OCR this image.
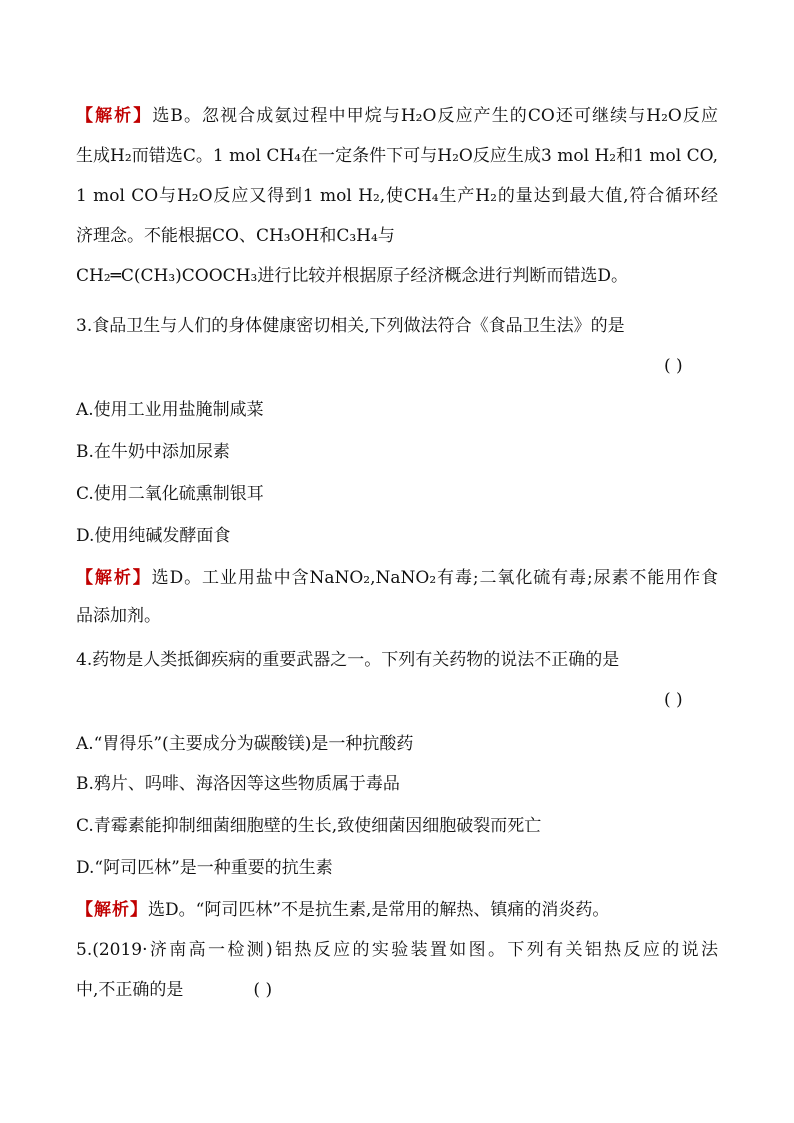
【解析】选B。忽视合成氨过程中甲烷与H₂O反应产生的CO还可继续与H₂O反应
生成H₂而错选C。1 mol CH₄在一定条件下可与H₂O反应生成3 mol H₂和1 mol CO,
1 mol CO与H₂O反应又得到1 mol H₂,使CH₄生产H₂的量达到最大值,符合循环经
济理念。不能根据CO、CH₃OH和C₃H₄与
CH₂═C(CH₃)COOCH₃进行比较并根据原子经济概念进行判断而错选D。
3.食品卫生与人们的身体健康密切相关,下列做法符合《食品卫生法》的是
( )
A.使用工业用盐腌制咸菜
B.在牛奶中添加尿素
C.使用二氧化硫熏制银耳
D.使用纯碱发酵面食
【解析】选D。工业用盐中含NaNO₂,NaNO₂有毒;二氧化硫有毒;尿素不能用作食
品添加剂。
4.药物是人类抵御疾病的重要武器之一。下列有关药物的说法不正确的是
( )
A.“胃得乐”(主要成分为碳酸镁)是一种抗酸药
B.鸦片、吗啡、海洛因等这些物质属于毒品
C.青霉素能抑制细菌细胞壁的生长,致使细菌因细胞破裂而死亡
D.“阿司匹林”是一种重要的抗生素
【解析】选D。“阿司匹林”不是抗生素,是常用的解热、镇痛的消炎药。
5.(2019·济南高一检测)铝热反应的实验装置如图。下列有关铝热反应的说法
中,不正确的是	( )
